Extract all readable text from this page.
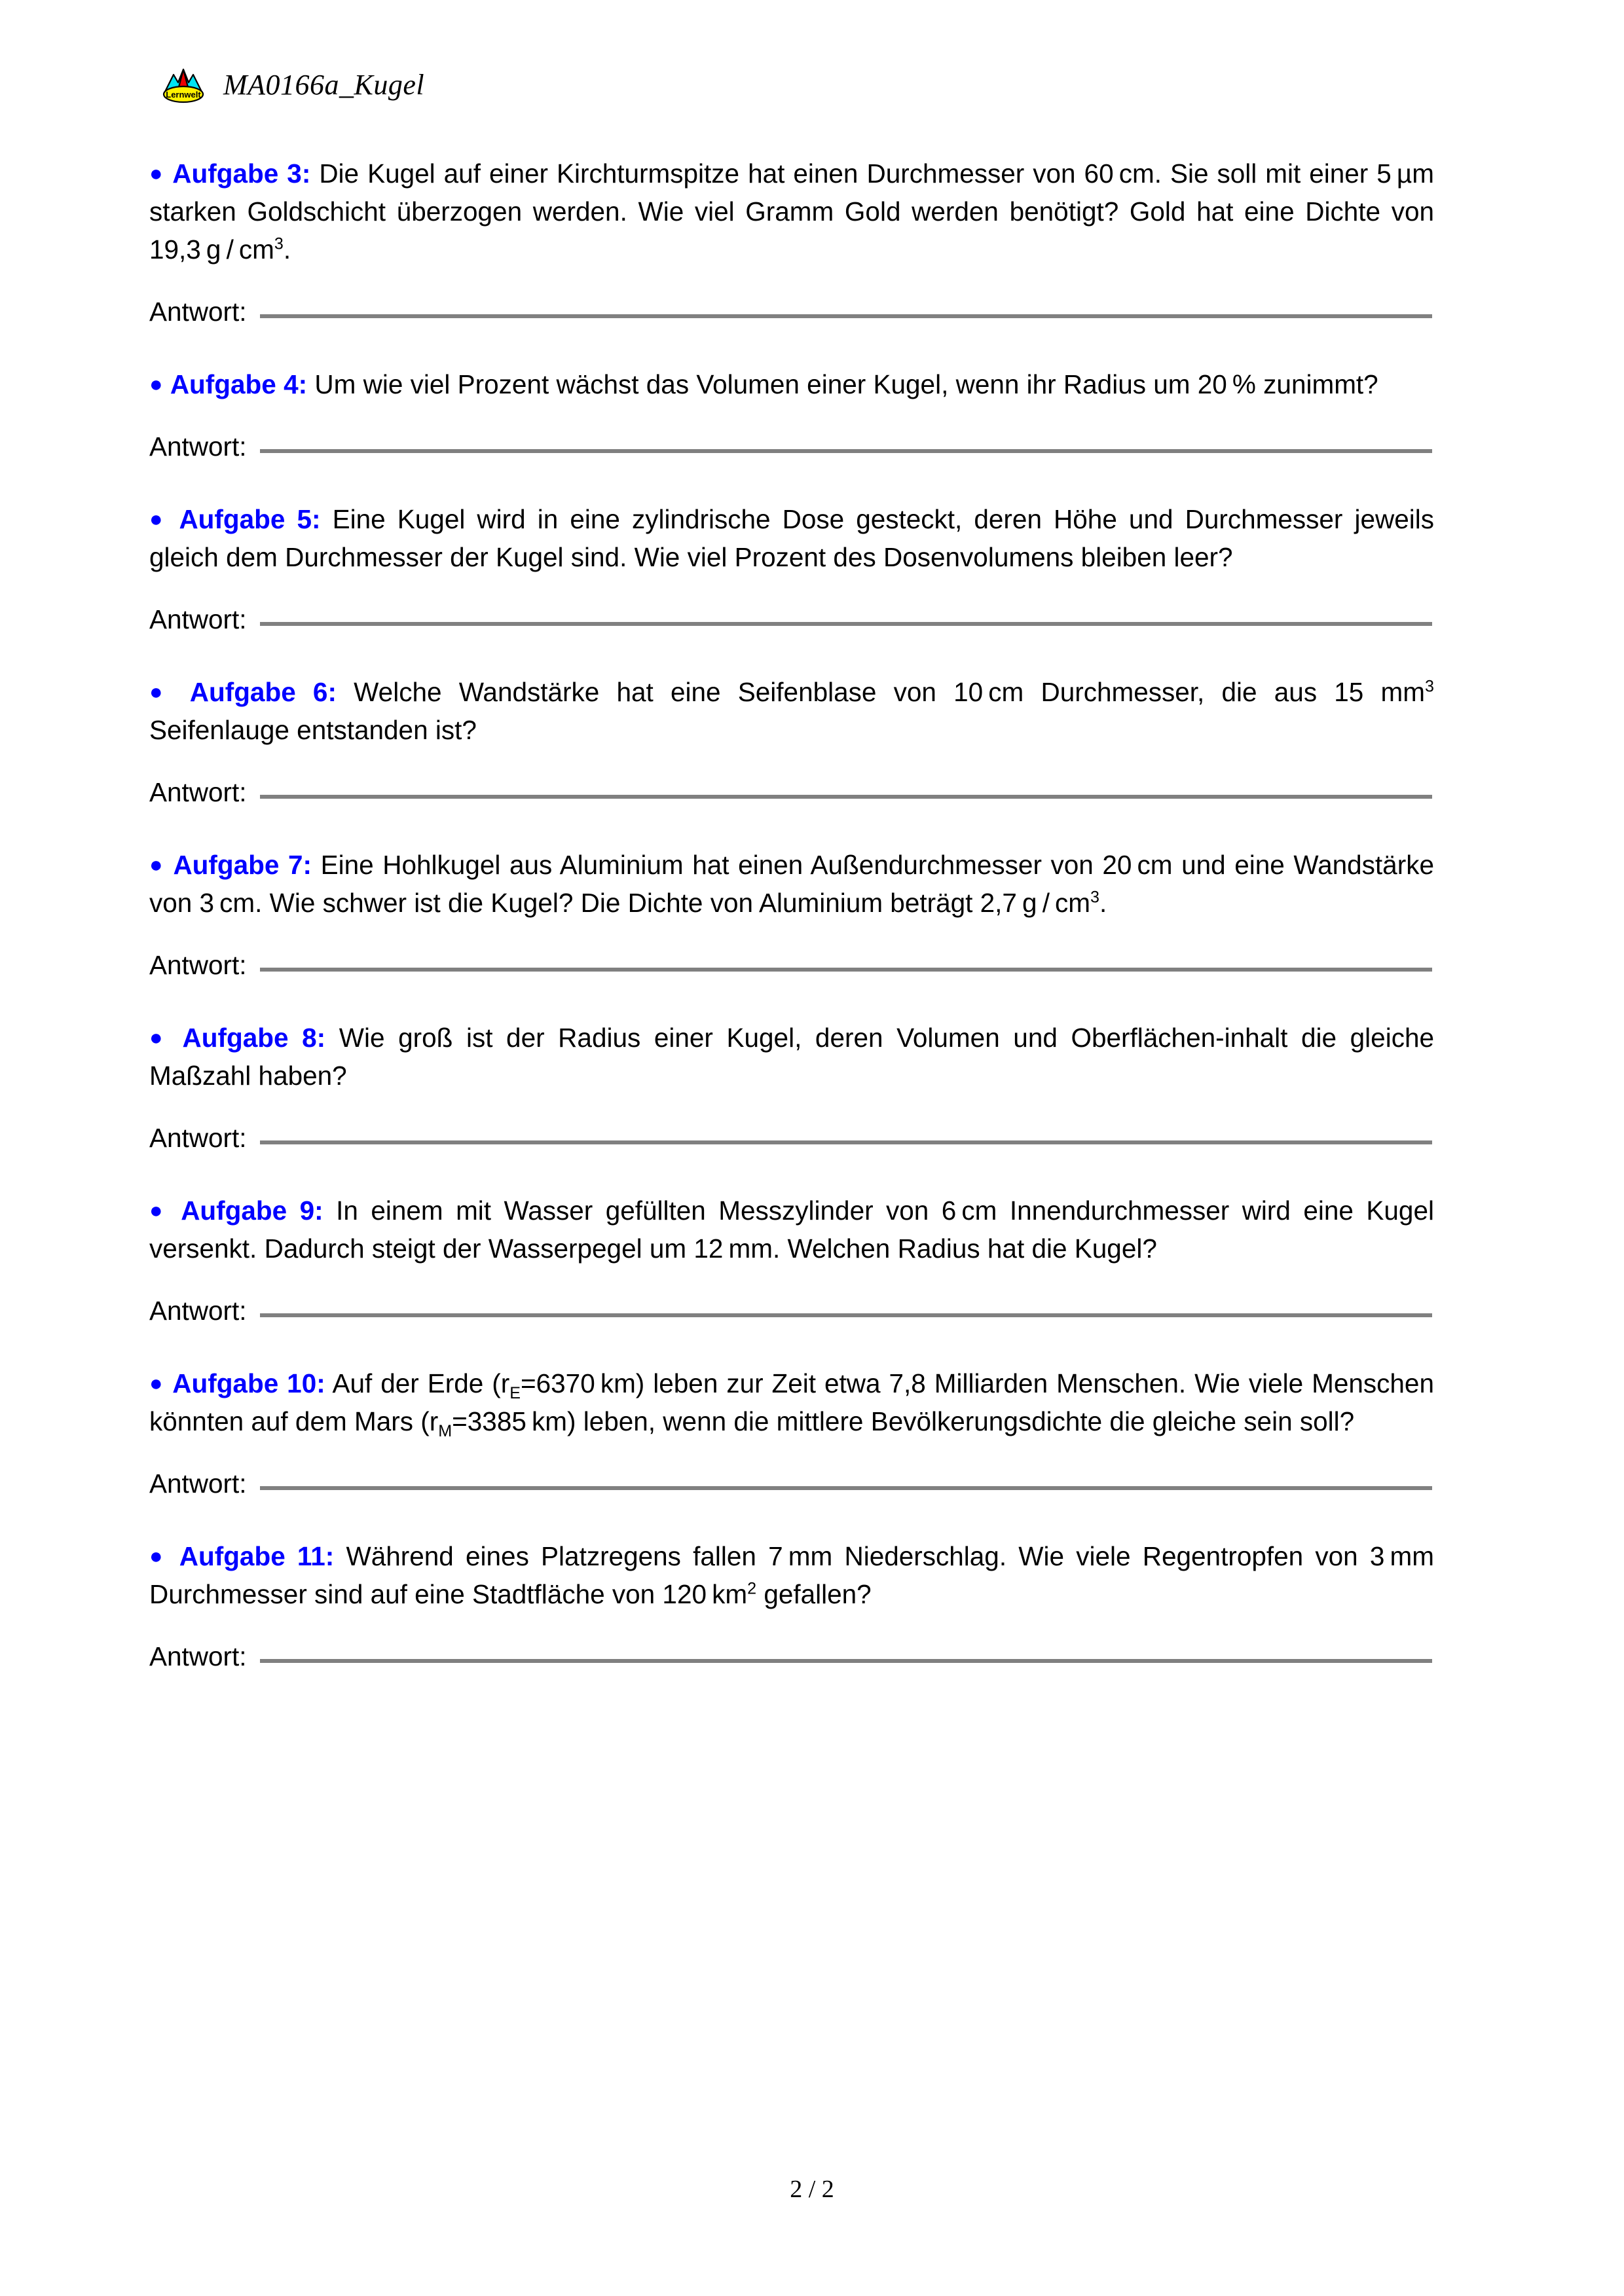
Lernwelt MA0166a_Kugel

● Aufgabe 3: Die Kugel auf einer Kirchturmspitze hat einen Durchmesser von 60 cm. Sie soll mit einer 5 µm starken Goldschicht überzogen werden. Wie viel Gramm Gold werden benötigt? Gold hat eine Dichte von 19,3 g / $cm^3$.

Antwort:

● Aufgabe 4: Um wie viel Prozent wächst das Volumen einer Kugel, wenn ihr Radius um 20 % zunimmt?

Antwort:

● Aufgabe 5: Eine Kugel wird in eine zylindrische Dose gesteckt, deren Höhe und Durchmesser jeweils gleich dem Durchmesser der Kugel sind. Wie viel Prozent des Dosenvolumens bleiben leer?

Antwort:

● Aufgabe 6: Welche Wandstärke hat eine Seifenblase von 10 cm Durchmesser, die aus 15 $mm^3$ Seifenlauge entstanden ist?

Antwort:

● Aufgabe 7: Eine Hohlkugel aus Aluminium hat einen Außendurchmesser von 20 cm und eine Wandstärke von 3 cm. Wie schwer ist die Kugel? Die Dichte von Aluminium beträgt 2,7 g / $cm^3$.

Antwort:

● Aufgabe 8: Wie groß ist der Radius einer Kugel, deren Volumen und Oberflächen-inhalt die gleiche Maßzahl haben?

Antwort:

● Aufgabe 9: In einem mit Wasser gefüllten Messzylinder von 6 cm Innendurchmesser wird eine Kugel versenkt. Dadurch steigt der Wasserpegel um 12 mm. Welchen Radius hat die Kugel?

Antwort:

● Aufgabe 10: Auf der Erde ($r_E=6370$ km) leben zur Zeit etwa 7,8 Milliarden Menschen. Wie viele Menschen könnten auf dem Mars ($r_M=3385$ km) leben, wenn die mittlere Bevölkerungsdichte die gleiche sein soll?

Antwort:

● Aufgabe 11: Während eines Platzregens fallen 7 mm Niederschlag. Wie viele Regentropfen von 3 mm Durchmesser sind auf eine Stadtfläche von 120 $km^2$ gefallen?

Antwort:
2 / 2
